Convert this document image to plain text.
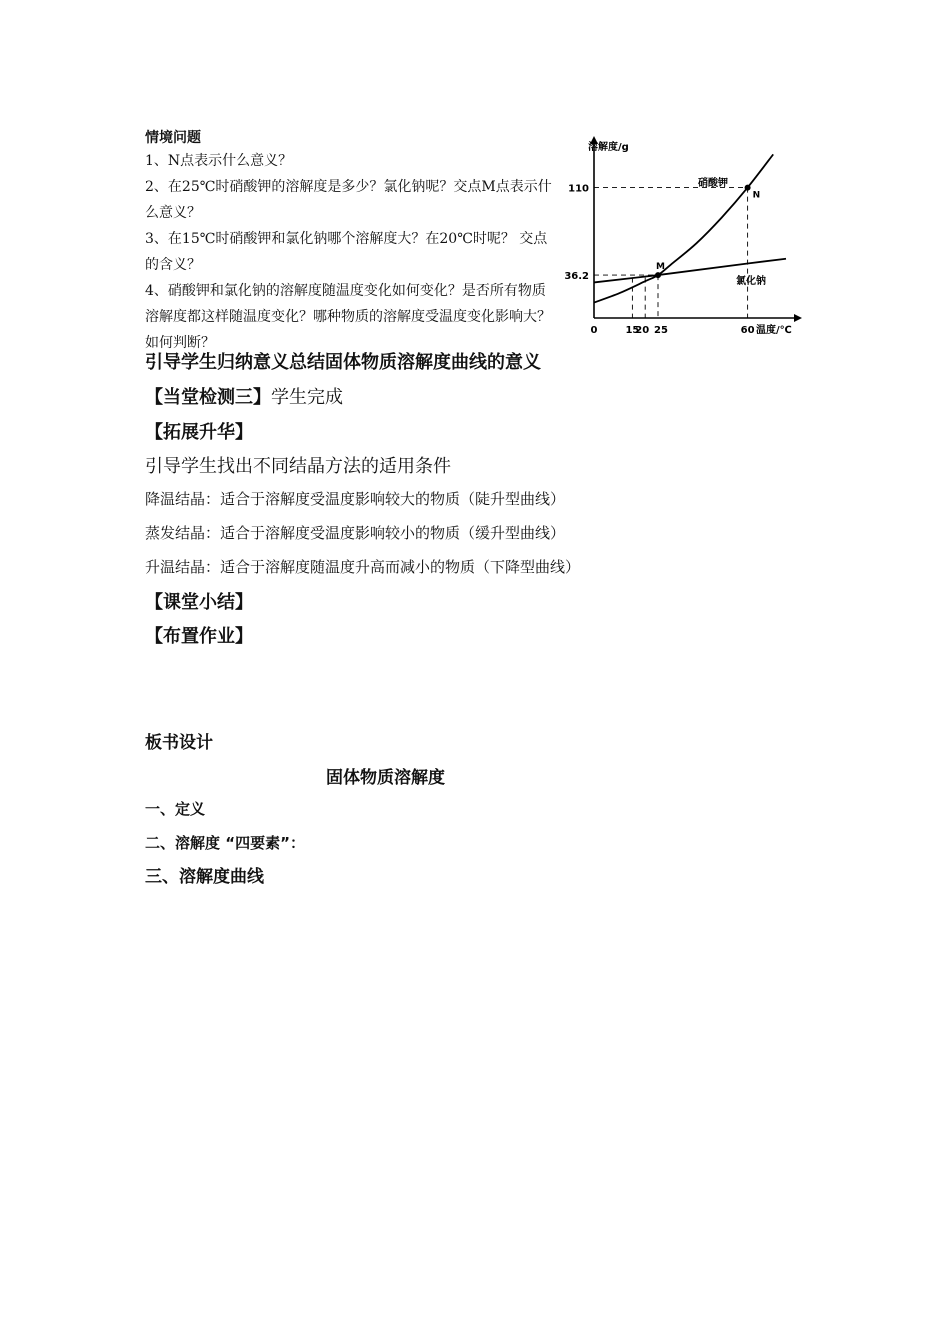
情境问题
1、N点表示什么意义？
2、在25℃时硝酸钾的溶解度是多少？氯化钠呢？交点M点表示什么意义？
3、在15℃时硝酸钾和氯化钠哪个溶解度大？在20℃时呢？ 交点的含义？
4、硝酸钾和氯化钠的溶解度随温度变化如何变化？是否所有物质溶解度都这样随温度变化？哪种物质的溶解度受温度变化影响大？如何判断？
溶解度/g
温度/℃
0	15
20 25	60
36.2
110
硝酸钾
氯化钠
M
N
引导学生归纳意义总结固体物质溶解度曲线的意义
【当堂检测三】学生完成
【拓展升华】
引导学生找出不同结晶方法的适用条件
降温结晶：适合于溶解度受温度影响较大的物质（陡升型曲线）
蒸发结晶：适合于溶解度受温度影响较小的物质（缓升型曲线）
升温结晶：适合于溶解度随温度升高而减小的物质（下降型曲线）
【课堂小结】
【布置作业】
板书设计
固体物质溶解度
一、定义
二、溶解度 “四要素”：
三、溶解度曲线
